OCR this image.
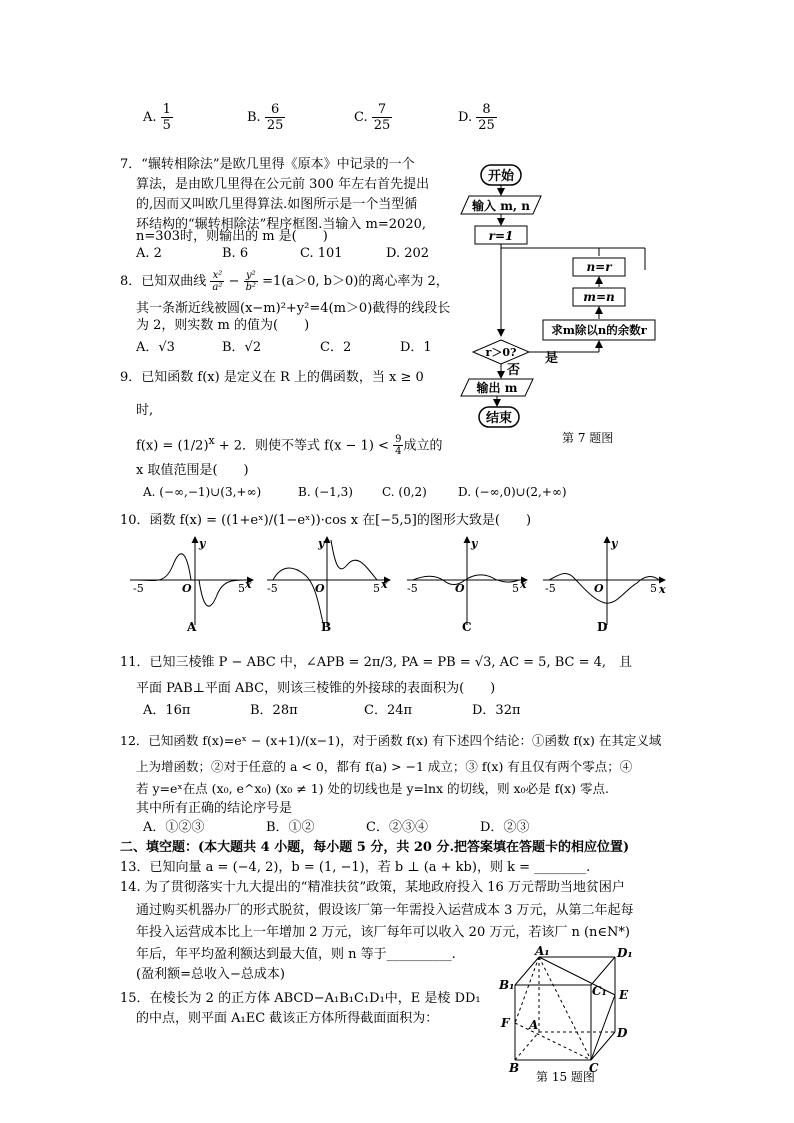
A. $\frac{1}{5}$	B. $\frac{6}{25}$	C. $\frac{7}{25}$	D. $\frac{8}{25}$
7．“辗转相除法”是欧几里得《原本》中记录的一个
算法，是由欧几里得在公元前 300 年左右首先提出
的,因而又叫欧几里得算法.如图所示是一个当型循
环结构的“辗转相除法”程序框图.当输入 m=2020,
n=303时，则输出的 m 是(　　)
A. 2	B. 6	C. 101	D. 202
开始
输入 m, n
r=1
n=r
m=n
求m除以n的余数r
r＞0? 是
否
输出 m
结束
第 7 题图
8．已知双曲线 $\frac{\text{x²}}{\text{a²}} - \frac{\text{y²}}{\text{b²}} =1(a>0$, b＞0)的离心率为 2，
其一条渐近线被圆(x−m)²+y²=4(m＞0)截得的线段长
为 2，则实数 m 的值为(　　)
A．√3	B．√2	C．2	D．1
9．已知函数 f(x) 是定义在 R 上的偶函数，当 x ≥ 0
时,
$f(x) = (1/2)^x + 2$．则使不等式 $f(x - 1) < \frac{9}{4}$ 成立的
x 取值范围是(　　)
A. (−∞,−1)∪(3,+∞)	B. (−1,3) C. (0,2)	D. (−∞,0)∪(2,+∞)
10．函数 f(x) = ((1+eˣ)/(1−eˣ))·cos x 在[−5,5]的图形大致是(　　)
-5	O	5 x
y
A
-5	O	5 x
y
B
-5	O	5 x
y
C
-5	O	5 x
y
D
11．已知三棱锥 P − ABC 中，∠APB = 2π/3, PA = PB = √3, AC = 5, BC = 4,　且
平面 PAB⊥平面 ABC，则该三棱锥的外接球的表面积为(　　)
A．16π	B．28π	C．24π	D．32π
12．已知函数 f(x)=eˣ − (x+1)/(x−1)，对于函数 f(x) 有下述四个结论：①函数 f(x) 在其定义域
上为增函数；②对于任意的 a < 0，都有 f(a) > −1 成立；③ f(x) 有且仅有两个零点；④
若 y=eˣ在点 (x₀, e^x₀) (x₀ ≠ 1) 处的切线也是 y=lnx 的切线，则 x₀必是 f(x) 零点.
其中所有正确的结论序号是
A．①②③	B．①②	C．②③④	D．②③
二、填空题：(本大题共 4 小题，每小题 5 分，共 20 分.把答案填在答题卡的相应位置)
13．已知向量 a = (−4, 2)，b = (1, −1)，若 b ⊥ (a + kb)，则 k = ________.
14. 为了贯彻落实十九大提出的“精准扶贫”政策，某地政府投入 16 万元帮助当地贫困户
通过购买机器办厂的形式脱贫，假设该厂第一年需投入运营成本 3 万元，从第二年起每
年投入运营成本比上一年增加 2 万元，该厂每年可以收入 20 万元，若该厂 n (n∈N*)
年后，年平均盈利额达到最大值，则 n 等于__________.
(盈利额=总收入−总成本)
15．在棱长为 2 的正方体 ABCD−A₁B₁C₁D₁中，E 是棱 DD₁
的中点，则平面 A₁EC 截该正方体所得截面面积为：
A₁	D₁
B₁	C₁ E
F A
D
B	C
第 15 题图
